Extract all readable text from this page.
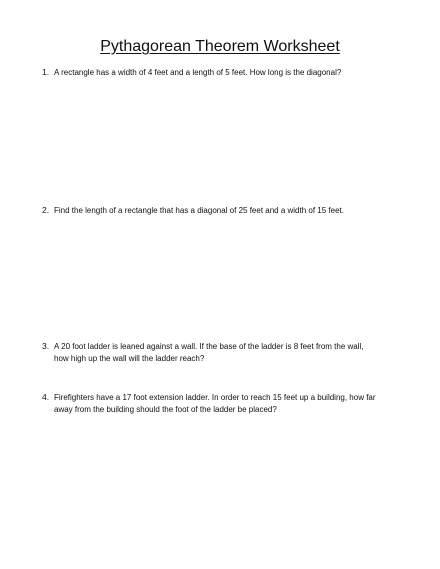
Pythagorean Theorem Worksheet
1. A rectangle has a width of 4 feet and a length of 5 feet. How long is the diagonal?
2. Find the length of a rectangle that has a diagonal of 25 feet and a width of 15 feet.
3. A 20 foot ladder is leaned against a wall. If the base of the ladder is 8 feet from the wall, how high up the wall will the ladder reach?
4. Firefighters have a 17 foot extension ladder. In order to reach 15 feet up a building, how far away from the building should the foot of the ladder be placed?
